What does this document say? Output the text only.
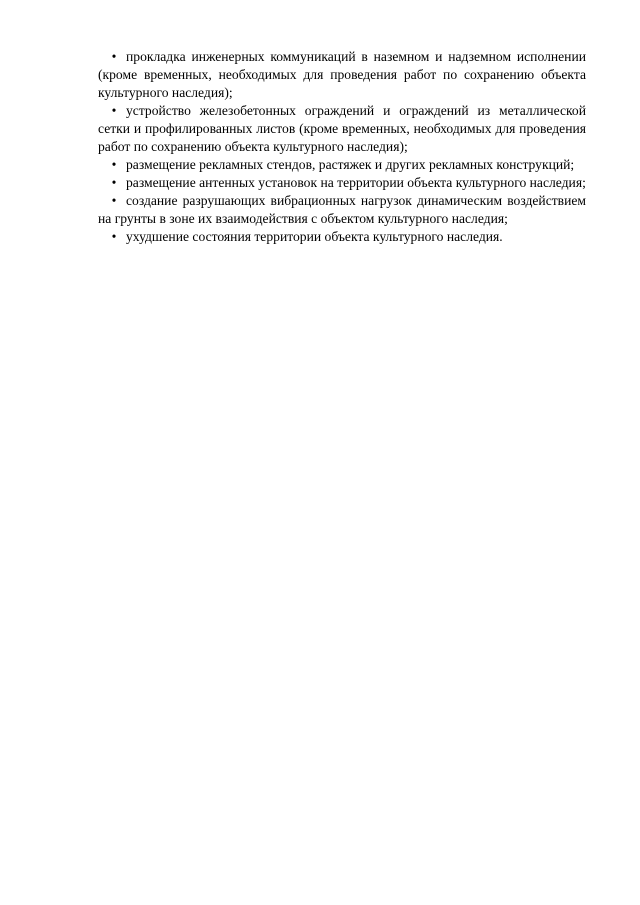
• прокладка инженерных коммуникаций в наземном и надземном исполнении (кроме временных, необходимых для проведения работ по сохранению объекта культурного наследия);

• устройство железобетонных ограждений и ограждений из металлической сетки и профилированных листов (кроме временных, необходимых для проведения работ по сохранению объекта культурного наследия);

• размещение рекламных стендов, растяжек и других рекламных конструкций;

• размещение антенных установок на территории объекта культурного наследия;

• создание разрушающих вибрационных нагрузок динамическим воздействием на грунты в зоне их взаимодействия с объектом культурного наследия;

• ухудшение состояния территории объекта культурного наследия.
